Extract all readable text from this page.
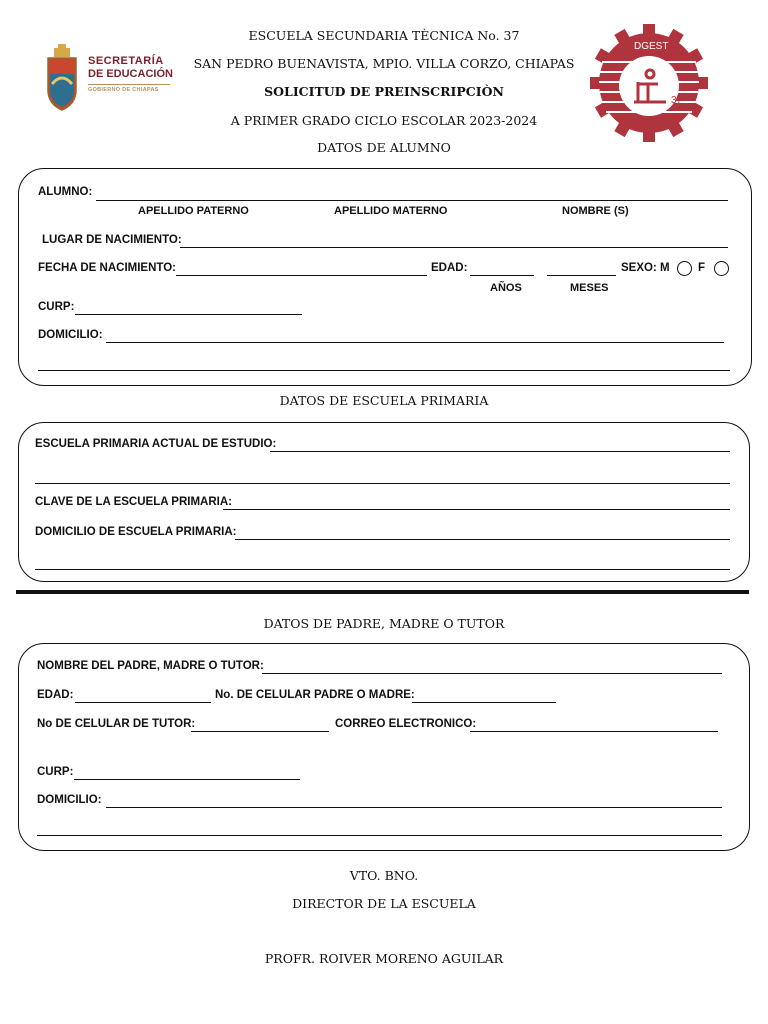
SECRETARÍA
DE EDUCACIÓN
GOBIERNO DE CHIAPAS
DGEST
37
ESCUELA SECUNDARIA TÈCNICA No. 37
SAN PEDRO BUENAVISTA, MPIO. VILLA CORZO, CHIAPAS
SOLICITUD DE PREINSCRIPCIÒN
A PRIMER GRADO CICLO ESCOLAR 2023-2024
DATOS DE ALUMNO
ALUMNO:
APELLIDO PATERNO	APELLIDO MATERNO	NOMBRE (S)
LUGAR DE NACIMIENTO:
FECHA DE NACIMIENTO:	EDAD:	SEXO: M F
AÑOS	MESES
CURP:
DOMICILIO:
DATOS DE ESCUELA PRIMARIA
ESCUELA PRIMARIA ACTUAL DE ESTUDIO:
CLAVE DE LA ESCUELA PRIMARIA:
DOMICILIO DE ESCUELA PRIMARIA:
DATOS DE PADRE, MADRE O TUTOR
NOMBRE DEL PADRE, MADRE O TUTOR:
EDAD:	No. DE CELULAR PADRE O MADRE:
No DE CELULAR DE TUTOR:	CORREO ELECTRONICO:
CURP:
DOMICILIO:
VTO. BNO.
DIRECTOR DE LA ESCUELA
PROFR. ROIVER MORENO AGUILAR
